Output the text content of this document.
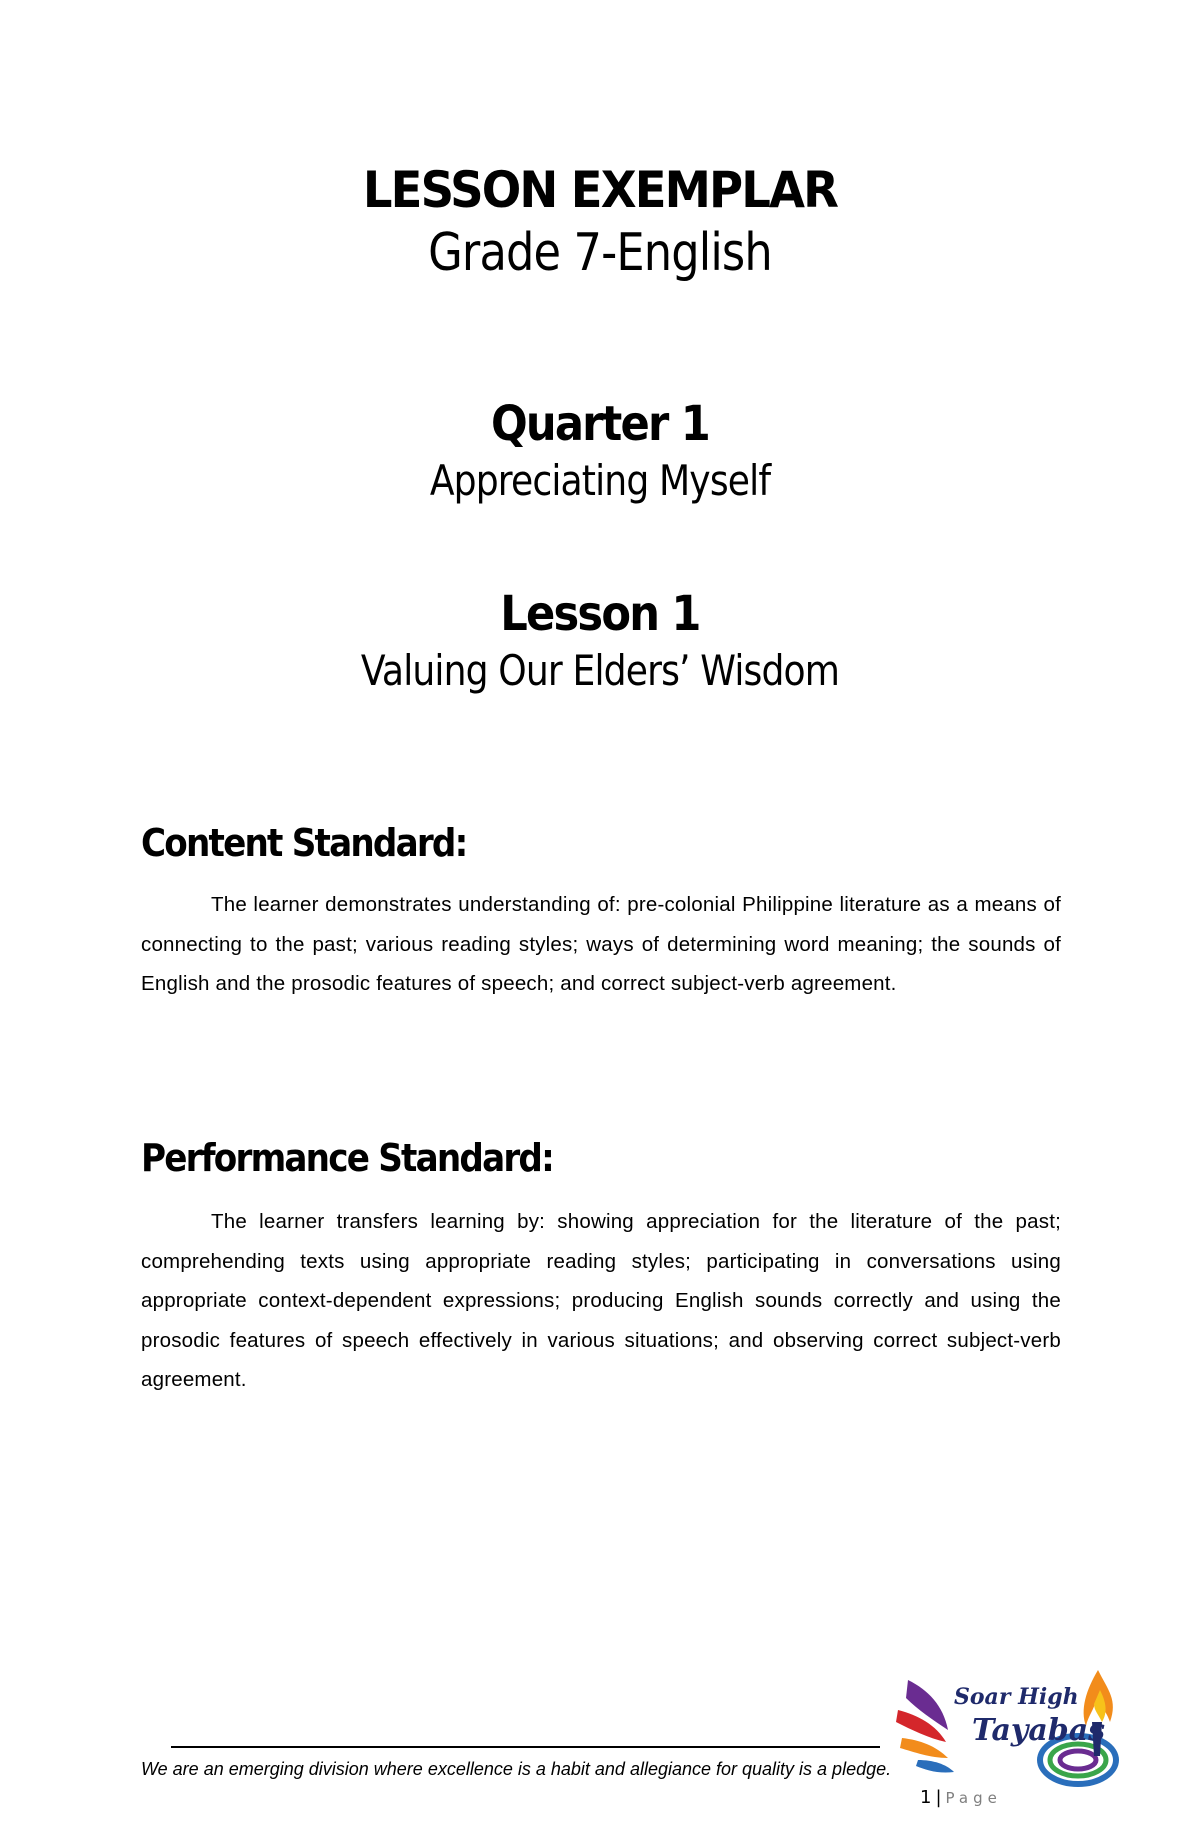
LESSON EXEMPLAR

Grade 7-English

Quarter 1

Appreciating Myself

Lesson 1

Valuing Our Elders’ Wisdom

Content Standard:

The learner demonstrates understanding of: pre-colonial Philippine literature as a means of connecting to the past; various reading styles; ways of determining word meaning; the sounds of English and the prosodic features of speech; and correct subject-verb agreement.

Performance Standard:

The learner transfers learning by: showing appreciation for the literature of the past; comprehending texts using appropriate reading styles; participating in conversations using appropriate context-dependent expressions; producing English sounds correctly and using the prosodic features of speech effectively in various situations; and observing correct subject-verb agreement.

Soar High
Tayabas

We are an emerging division where excellence is a habit and allegiance for quality is a pledge.

1 | Page
